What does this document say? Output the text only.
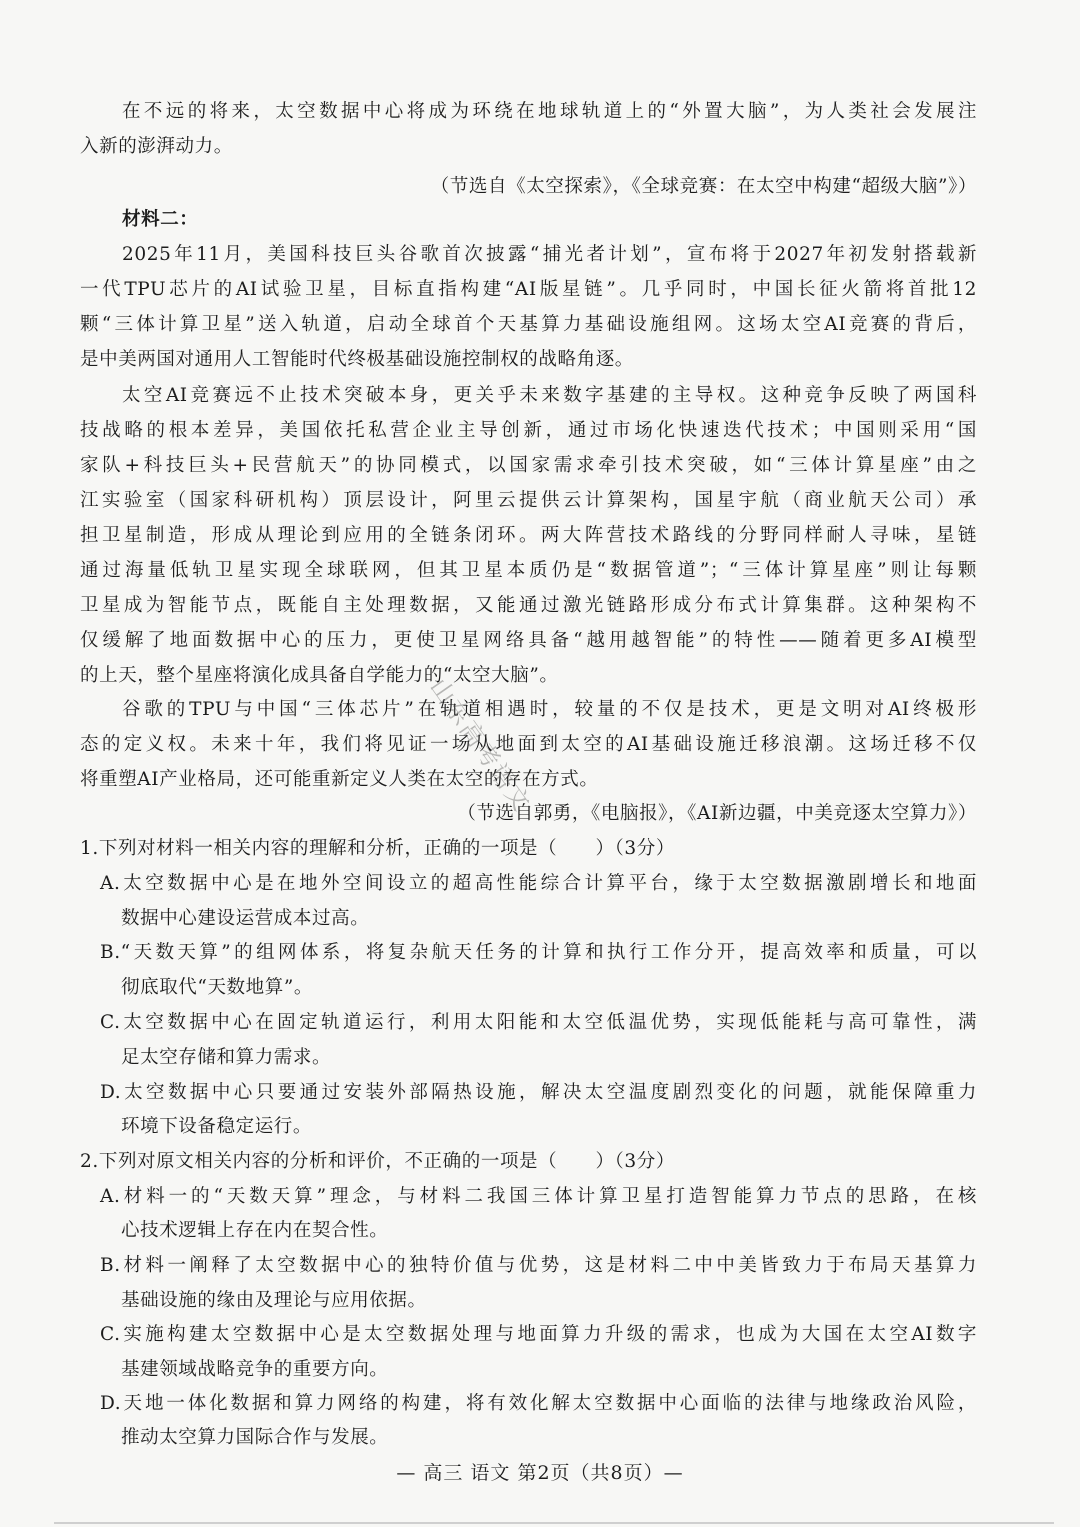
在不远的将来，太空数据中心将成为环绕在地球轨道上的“外置大脑”，为人类社会发展注
入新的澎湃动力。
（节选自《太空探索》，《全球竞赛：在太空中构建“超级大脑”》）
材料二：
2025年11月，美国科技巨头谷歌首次披露“捕光者计划”，宣布将于2027年初发射搭载新
一代TPU芯片的AI试验卫星，目标直指构建“AI版星链”。几乎同时，中国长征火箭将首批12
颗“三体计算卫星”送入轨道，启动全球首个天基算力基础设施组网。这场太空AI竞赛的背后，
是中美两国对通用人工智能时代终极基础设施控制权的战略角逐。
太空AI竞赛远不止技术突破本身，更关乎未来数字基建的主导权。这种竞争反映了两国科
技战略的根本差异，美国依托私营企业主导创新，通过市场化快速迭代技术；中国则采用“国
家队+科技巨头+民营航天”的协同模式，以国家需求牵引技术突破，如“三体计算星座”由之
江实验室（国家科研机构）顶层设计，阿里云提供云计算架构，国星宇航（商业航天公司）承
担卫星制造，形成从理论到应用的全链条闭环。两大阵营技术路线的分野同样耐人寻味，星链
通过海量低轨卫星实现全球联网，但其卫星本质仍是“数据管道”；“三体计算星座”则让每颗
卫星成为智能节点，既能自主处理数据，又能通过激光链路形成分布式计算集群。这种架构不
仅缓解了地面数据中心的压力，更使卫星网络具备“越用越智能”的特性——随着更多AI模型
的上天，整个星座将演化成具备自学能力的“太空大脑”。
谷歌的TPU与中国“三体芯片”在轨道相遇时，较量的不仅是技术，更是文明对AI终极形
态的定义权。未来十年，我们将见证一场从地面到太空的AI基础设施迁移浪潮。这场迁移不仅
将重塑AI产业格局，还可能重新定义人类在太空的存在方式。
（节选自郭勇，《电脑报》，《AI新边疆，中美竞逐太空算力》）
1.下列对材料一相关内容的理解和分析，正确的一项是（　　）（3分）
A.太空数据中心是在地外空间设立的超高性能综合计算平台，缘于太空数据激剧增长和地面
数据中心建设运营成本过高。
B.“天数天算”的组网体系，将复杂航天任务的计算和执行工作分开，提高效率和质量，可以
彻底取代“天数地算”。
C.太空数据中心在固定轨道运行，利用太阳能和太空低温优势，实现低能耗与高可靠性，满
足太空存储和算力需求。
D.太空数据中心只要通过安装外部隔热设施，解决太空温度剧烈变化的问题，就能保障重力
环境下设备稳定运行。
2.下列对原文相关内容的分析和评价，不正确的一项是（　　）（3分）
A.材料一的“天数天算”理念，与材料二我国三体计算卫星打造智能算力节点的思路，在核
心技术逻辑上存在内在契合性。
B.材料一阐释了太空数据中心的独特价值与优势，这是材料二中中美皆致力于布局天基算力
基础设施的缘由及理论与应用依据。
C.实施构建太空数据中心是太空数据处理与地面算力升级的需求，也成为大国在太空AI数字
基建领域战略竞争的重要方向。
D.天地一体化数据和算力网络的构建，将有效化解太空数据中心面临的法律与地缘政治风险，
推动太空算力国际合作与发展。
山东高考语文
— 高三 语文 第2页（共8页）—
